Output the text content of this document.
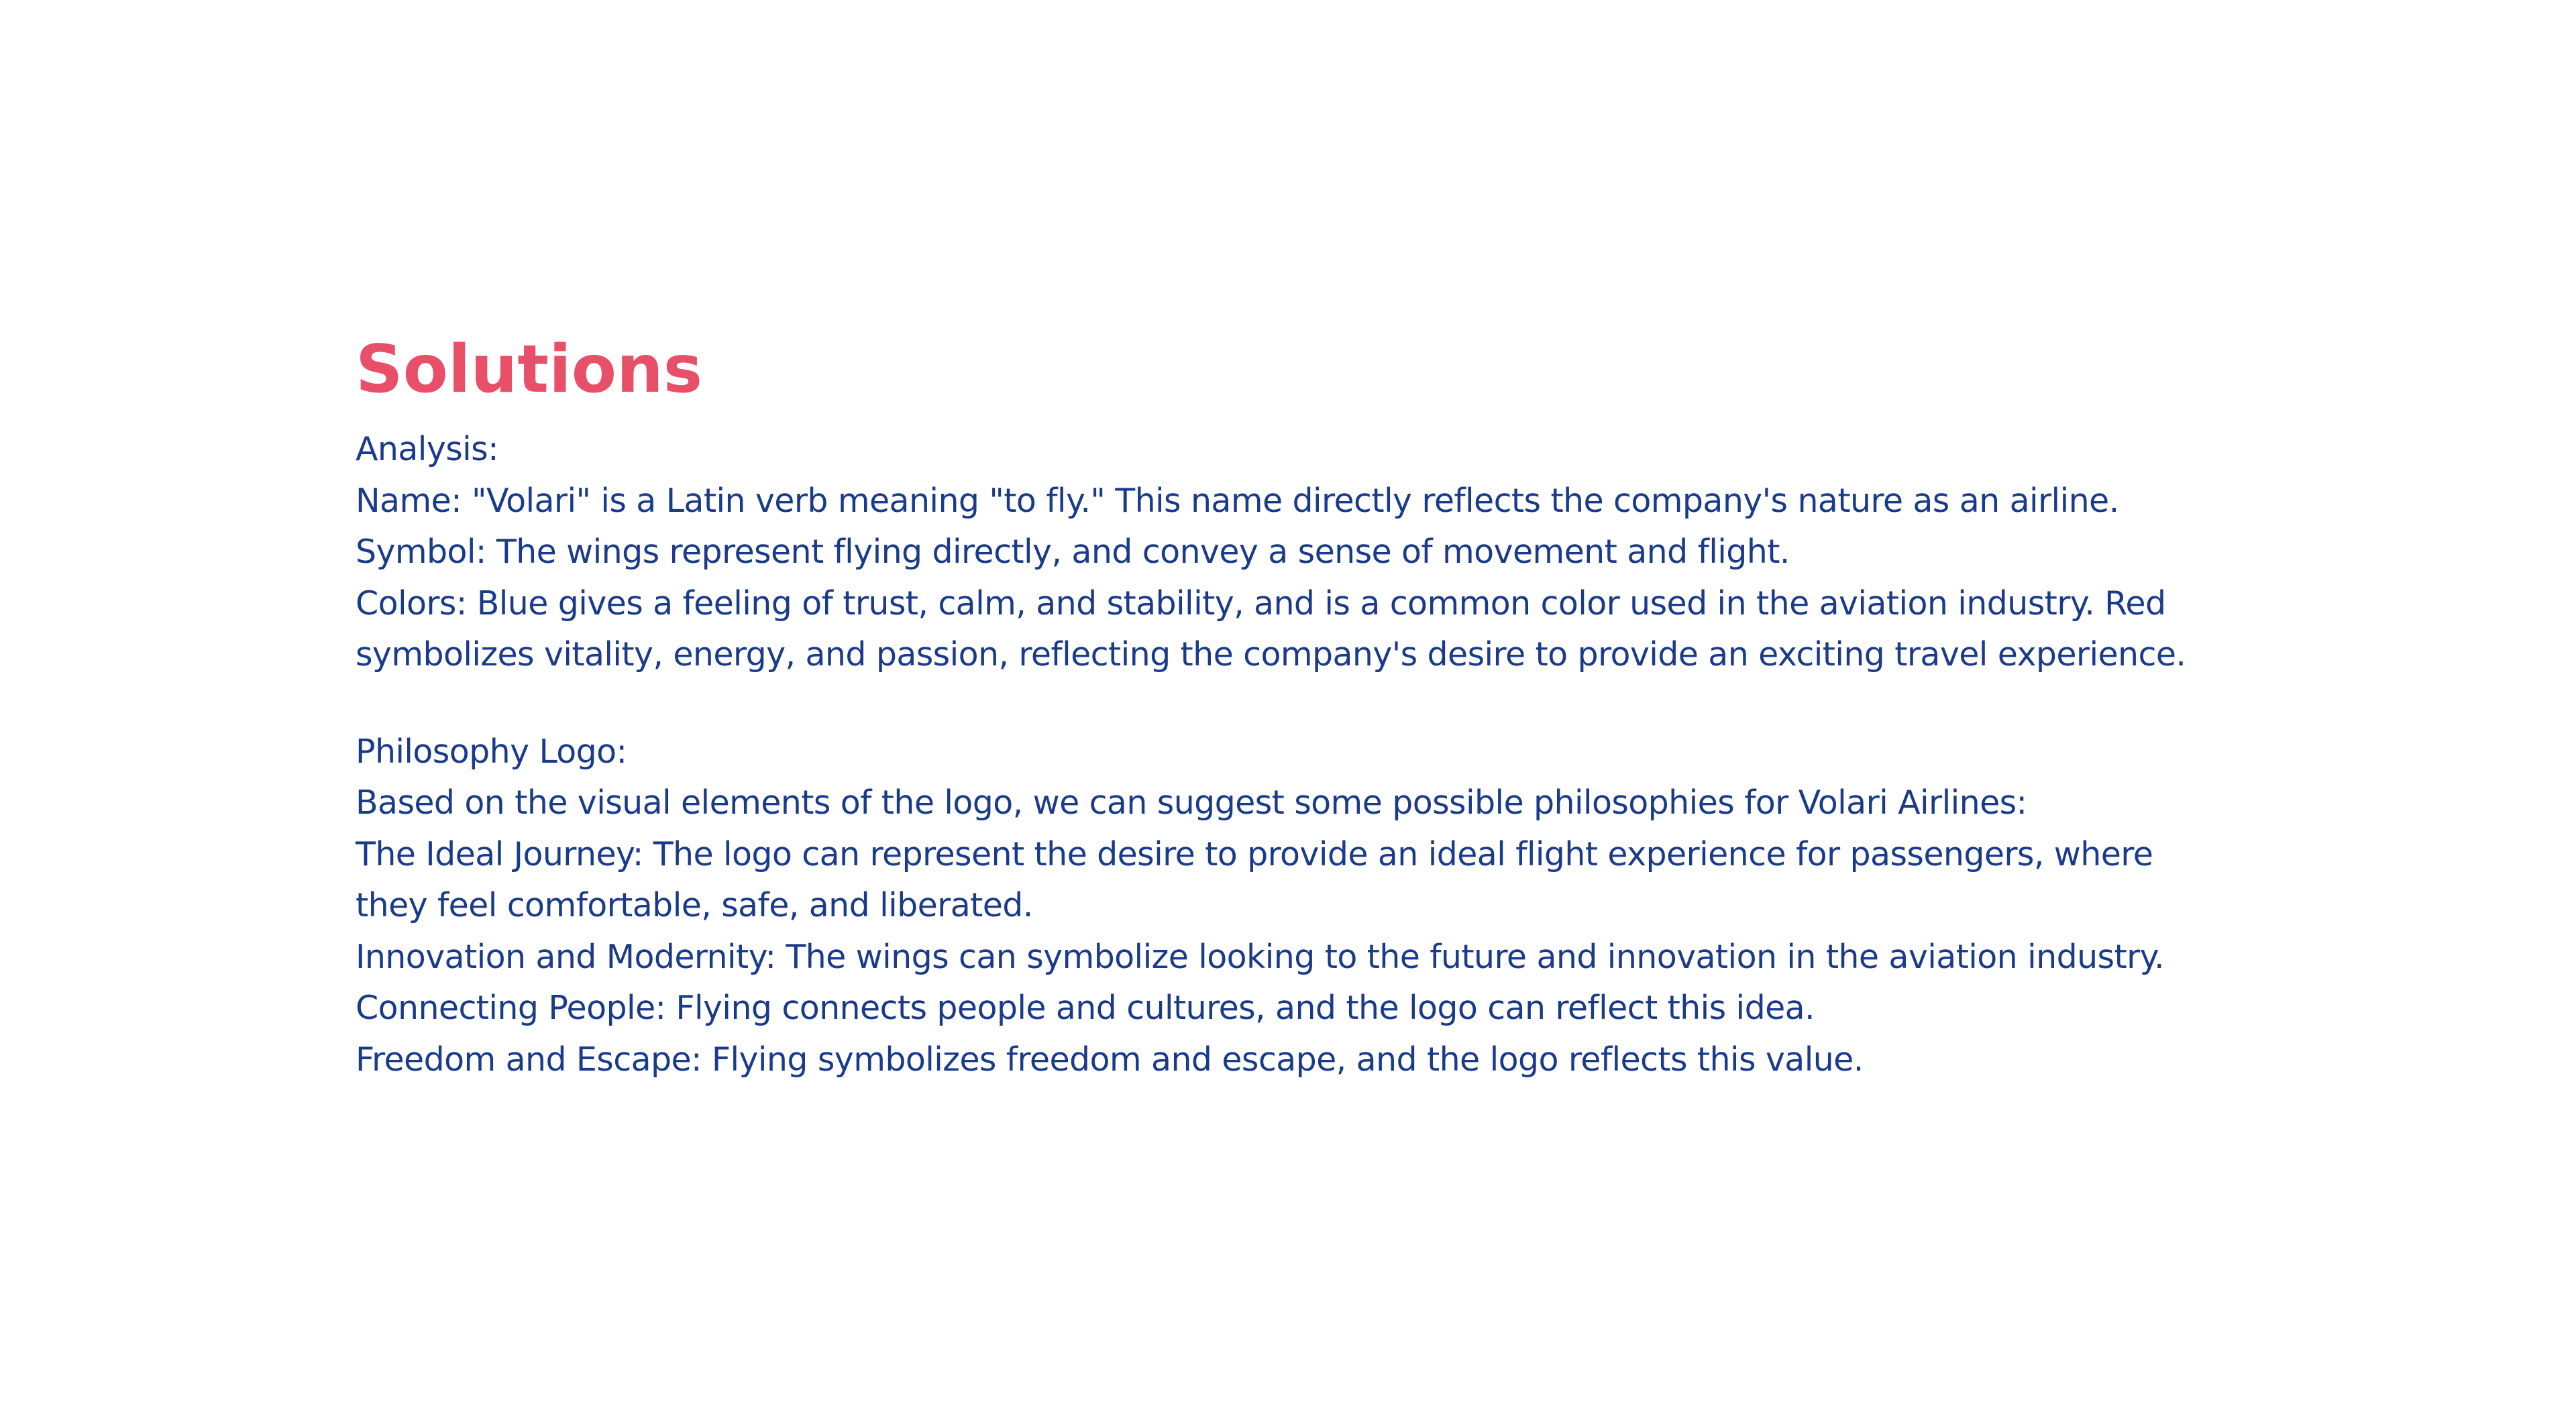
Solutions
Analysis:
Name: "Volari" is a Latin verb meaning "to fly." This name directly reflects the company's nature as an airline.
Symbol: The wings represent flying directly, and convey a sense of movement and flight.
Colors: Blue gives a feeling of trust, calm, and stability, and is a common color used in the aviation industry. Red
symbolizes vitality, energy, and passion, reflecting the company's desire to provide an exciting travel experience.
Philosophy Logo:
Based on the visual elements of the logo, we can suggest some possible philosophies for Volari Airlines:
The Ideal Journey: The logo can represent the desire to provide an ideal flight experience for passengers, where
they feel comfortable, safe, and liberated.
Innovation and Modernity: The wings can symbolize looking to the future and innovation in the aviation industry.
Connecting People: Flying connects people and cultures, and the logo can reflect this idea.
Freedom and Escape: Flying symbolizes freedom and escape, and the logo reflects this value.
